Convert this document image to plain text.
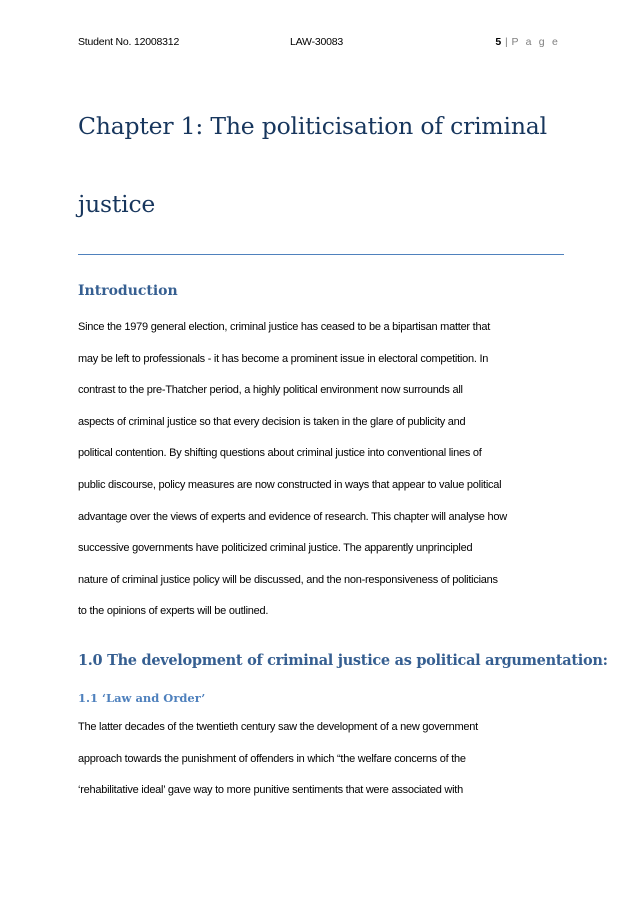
Student No. 12008312	LAW-30083	5 | P a g e
Chapter 1: The politicisation of criminal
justice
Introduction
Since the 1979 general election, criminal justice has ceased to be a bipartisan matter that
may be left to professionals - it has become a prominent issue in electoral competition. In
contrast to the pre-Thatcher period, a highly political environment now surrounds all
aspects of criminal justice so that every decision is taken in the glare of publicity and
political contention. By shifting questions about criminal justice into conventional lines of
public discourse, policy measures are now constructed in ways that appear to value political
advantage over the views of experts and evidence of research. This chapter will analyse how
successive governments have politicized criminal justice. The apparently unprincipled
nature of criminal justice policy will be discussed, and the non-responsiveness of politicians
to the opinions of experts will be outlined.
1.0 The development of criminal justice as political argumentation:
1.1 ‘Law and Order’
The latter decades of the twentieth century saw the development of a new government
approach towards the punishment of offenders in which “the welfare concerns of the
‘rehabilitative ideal’ gave way to more punitive sentiments that were associated with
